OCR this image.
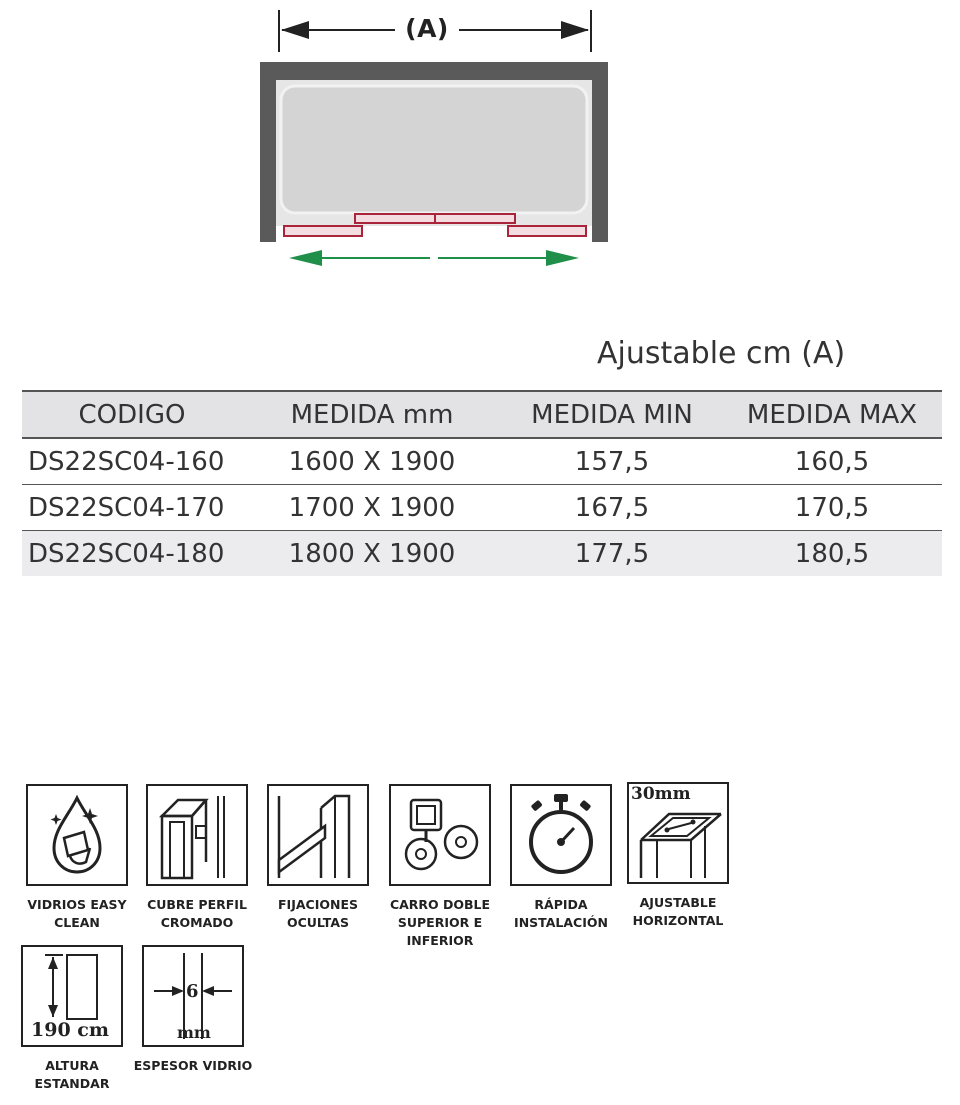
(A)
Ajustable cm (A)
CODIGO	MEDIDA mm	MEDIDA MIN	MEDIDA MAX
DS22SC04-160	1600 X 1900	157,5	160,5
DS22SC04-170	1700 X 1900	167,5	170,5
DS22SC04-180	1800 X 1900	177,5	180,5
VIDRIOS EASY CLEAN
CUBRE PERFIL CROMADO
FIJACIONES OCULTAS
CARRO DOBLE SUPERIOR E INFERIOR
RÁPIDA INSTALACIÓN
30mm
AJUSTABLE HORIZONTAL
190 cm
ALTURA ESTANDAR
6
mm
ESPESOR VIDRIO
